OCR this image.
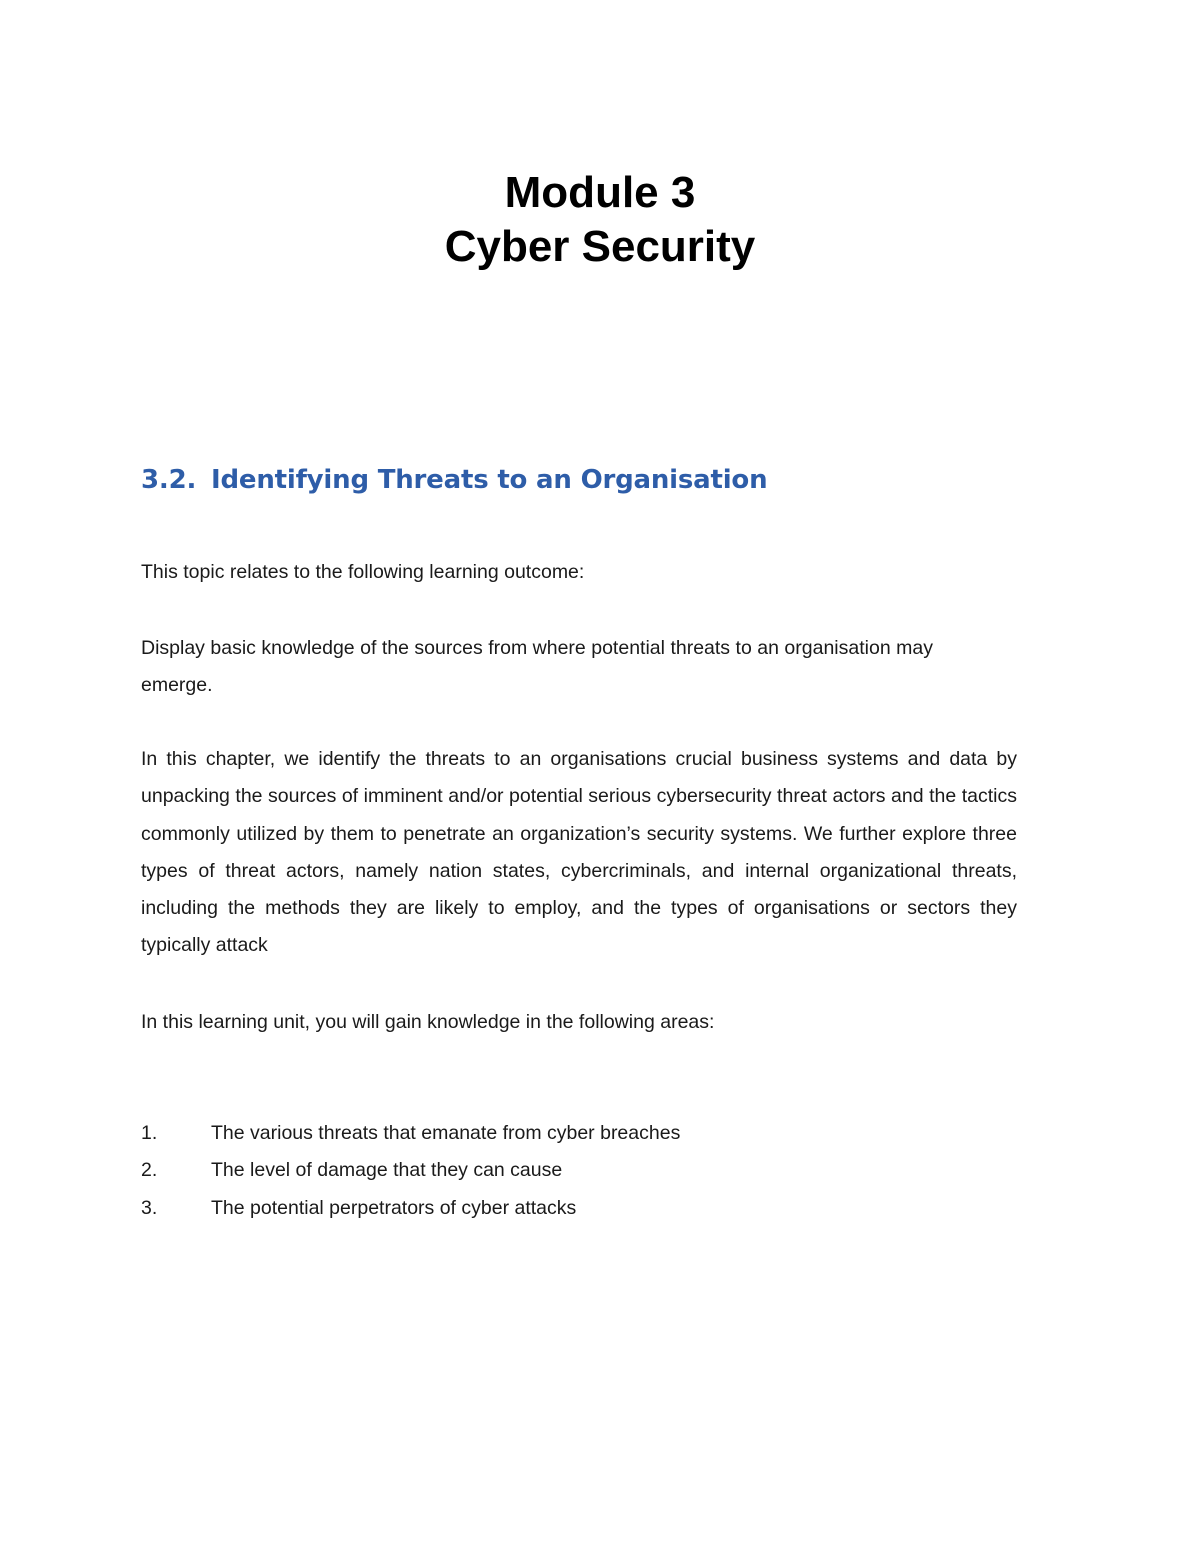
Module 3
Cyber Security
3.2. Identifying Threats to an Organisation

This topic relates to the following learning outcome:

Display basic knowledge of the sources from where potential threats to an organisation may emerge.

In this chapter, we identify the threats to an organisations crucial business systems and data by unpacking the sources of imminent and/or potential serious cybersecurity threat actors and the tactics commonly utilized by them to penetrate an organization’s security systems. We further explore three types of threat actors, namely nation states, cybercriminals, and internal organizational threats, including the methods they are likely to employ, and the types of organisations or sectors they typically attack

In this learning unit, you will gain knowledge in the following areas:

1.	The various threats that emanate from cyber breaches
2.	The level of damage that they can cause
3.	The potential perpetrators of cyber attacks
